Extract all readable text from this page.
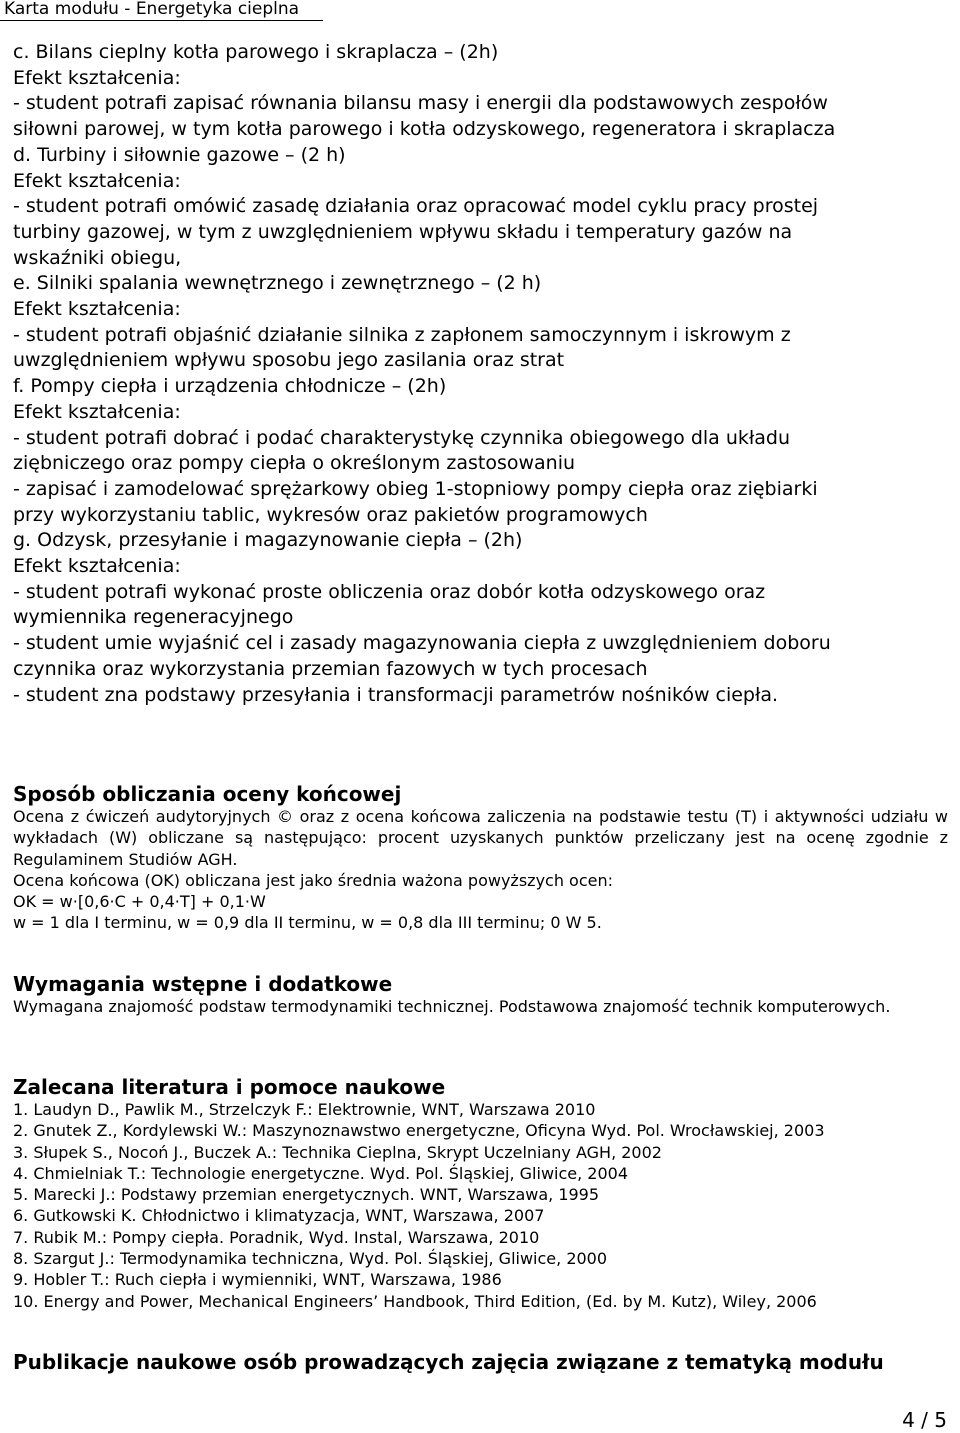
Karta modułu - Energetyka cieplna
c. Bilans cieplny kotła parowego i skraplacza – (2h)
Efekt kształcenia:
- student potrafi zapisać równania bilansu masy i energii dla podstawowych zespołów
siłowni parowej, w tym kotła parowego i kotła odzyskowego, regeneratora i skraplacza
d. Turbiny i siłownie gazowe – (2 h)
Efekt kształcenia:
- student potrafi omówić zasadę działania oraz opracować model cyklu pracy prostej
turbiny gazowej, w tym z uwzględnieniem wpływu składu i temperatury gazów na
wskaźniki obiegu,
e. Silniki spalania wewnętrznego i zewnętrznego – (2 h)
Efekt kształcenia:
- student potrafi objaśnić działanie silnika z zapłonem samoczynnym i iskrowym z
uwzględnieniem wpływu sposobu jego zasilania oraz strat
f. Pompy ciepła i urządzenia chłodnicze – (2h)
Efekt kształcenia:
- student potrafi dobrać i podać charakterystykę czynnika obiegowego dla układu
ziębniczego oraz pompy ciepła o określonym zastosowaniu
- zapisać i zamodelować sprężarkowy obieg 1-stopniowy pompy ciepła oraz ziębiarki
przy wykorzystaniu tablic, wykresów oraz pakietów programowych
g. Odzysk, przesyłanie i magazynowanie ciepła – (2h)
Efekt kształcenia:
- student potrafi wykonać proste obliczenia oraz dobór kotła odzyskowego oraz
wymiennika regeneracyjnego
- student umie wyjaśnić cel i zasady magazynowania ciepła z uwzględnieniem doboru
czynnika oraz wykorzystania przemian fazowych w tych procesach
- student zna podstawy przesyłania i transformacji parametrów nośników ciepła.
Sposób obliczania oceny końcowej
Ocena z ćwiczeń audytoryjnych © oraz z ocena końcowa zaliczenia na podstawie testu (T) i aktywności udziału w wykładach (W) obliczane są następująco: procent uzyskanych punktów przeliczany jest na ocenę zgodnie z Regulaminem Studiów AGH.
Ocena końcowa (OK) obliczana jest jako średnia ważona powyższych ocen:
OK = w·[0,6·C + 0,4·T] + 0,1·W
w = 1 dla I terminu, w = 0,9 dla II terminu, w = 0,8 dla III terminu; 0 W 5.
Wymagania wstępne i dodatkowe
Wymagana znajomość podstaw termodynamiki technicznej. Podstawowa znajomość technik komputerowych.
Zalecana literatura i pomoce naukowe
1. Laudyn D., Pawlik M., Strzelczyk F.: Elektrownie, WNT, Warszawa 2010
2. Gnutek Z., Kordylewski W.: Maszynoznawstwo energetyczne, Oficyna Wyd. Pol. Wrocławskiej, 2003
3. Słupek S., Nocoń J., Buczek A.: Technika Cieplna, Skrypt Uczelniany AGH, 2002
4. Chmielniak T.: Technologie energetyczne. Wyd. Pol. Śląskiej, Gliwice, 2004
5. Marecki J.: Podstawy przemian energetycznych. WNT, Warszawa, 1995
6. Gutkowski K. Chłodnictwo i klimatyzacja, WNT, Warszawa, 2007
7. Rubik M.: Pompy ciepła. Poradnik, Wyd. Instal, Warszawa, 2010
8. Szargut J.: Termodynamika techniczna, Wyd. Pol. Śląskiej, Gliwice, 2000
9. Hobler T.: Ruch ciepła i wymienniki, WNT, Warszawa, 1986
10. Energy and Power, Mechanical Engineers’ Handbook, Third Edition, (Ed. by M. Kutz), Wiley, 2006
Publikacje naukowe osób prowadzących zajęcia związane z tematyką modułu
4 / 5
